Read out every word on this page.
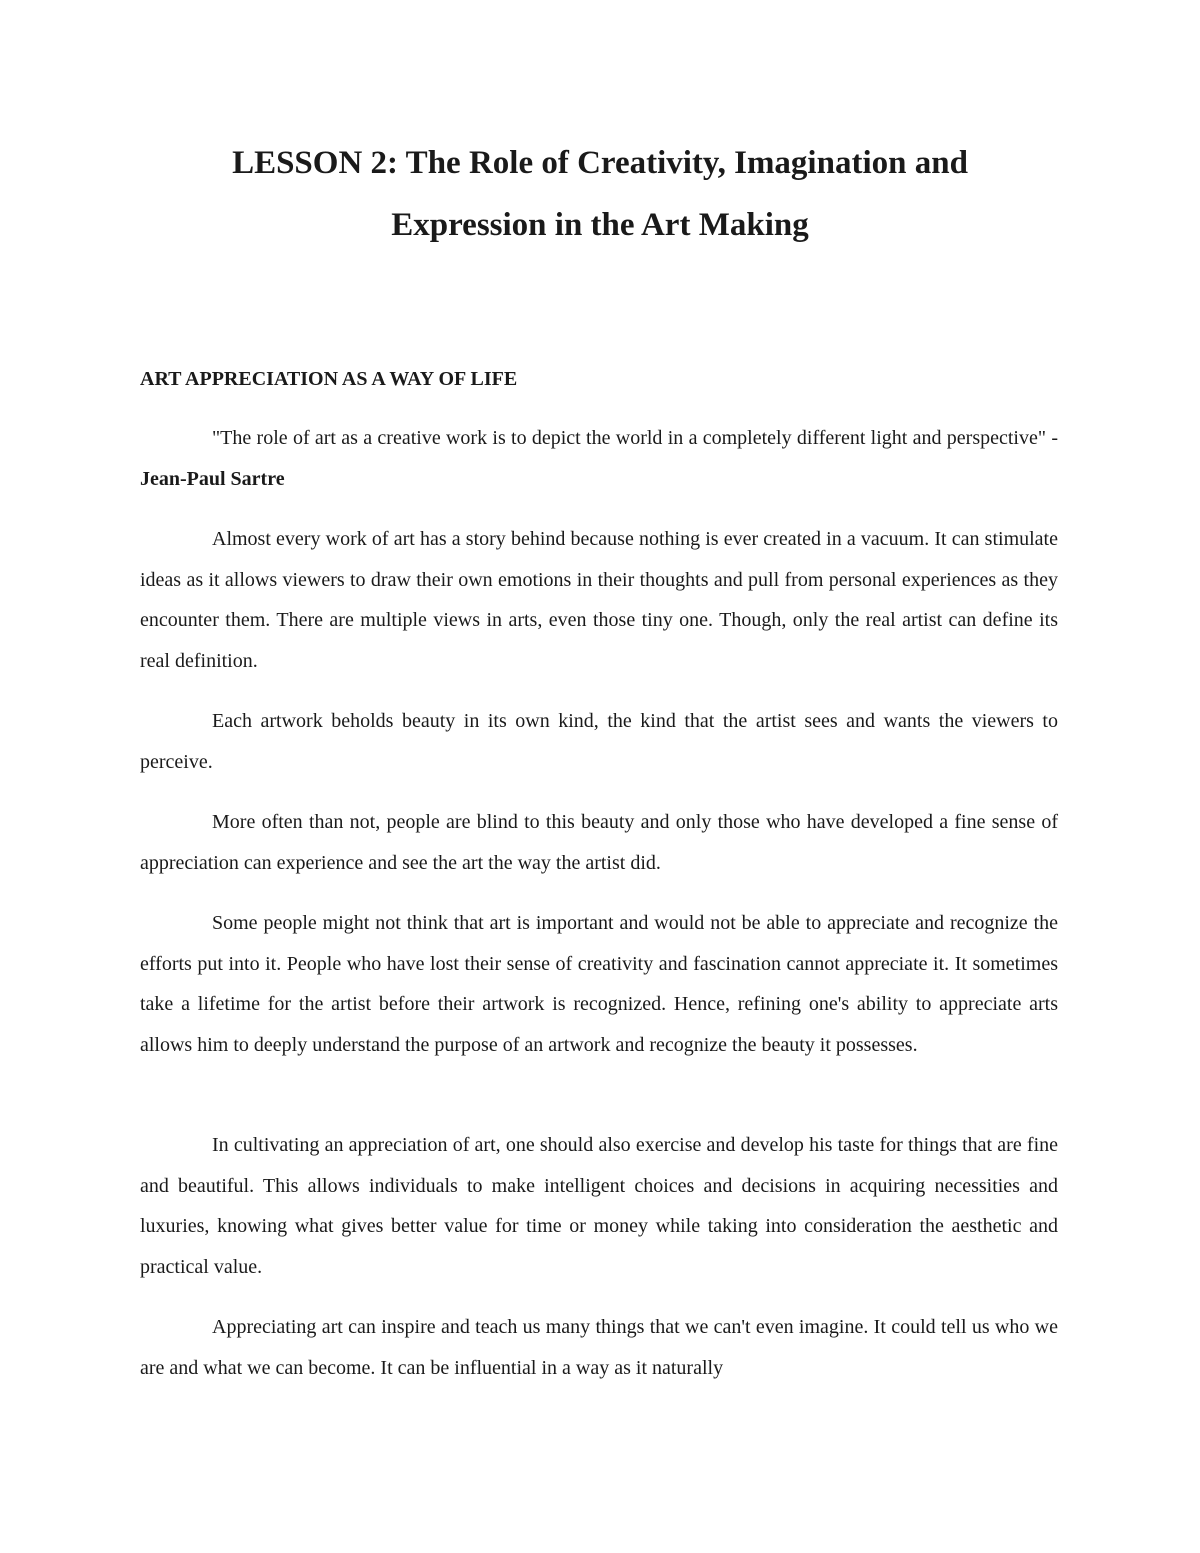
LESSON 2: The Role of Creativity, Imagination and
Expression in the Art Making
ART APPRECIATION AS A WAY OF LIFE

"The role of art as a creative work is to depict the world in a completely different light and perspective" - Jean-Paul Sartre

Almost every work of art has a story behind because nothing is ever created in a vacuum. It can stimulate ideas as it allows viewers to draw their own emotions in their thoughts and pull from personal experiences as they encounter them. There are multiple views in arts, even those tiny one. Though, only the real artist can define its real definition.

Each artwork beholds beauty in its own kind, the kind that the artist sees and wants the viewers to perceive.

More often than not, people are blind to this beauty and only those who have developed a fine sense of appreciation can experience and see the art the way the artist did.

Some people might not think that art is important and would not be able to appreciate and recognize the efforts put into it. People who have lost their sense of creativity and fascination cannot appreciate it. It sometimes take a lifetime for the artist before their artwork is recognized. Hence, refining one's ability to appreciate arts allows him to deeply understand the purpose of an artwork and recognize the beauty it possesses.

In cultivating an appreciation of art, one should also exercise and develop his taste for things that are fine and beautiful. This allows individuals to make intelligent choices and decisions in acquiring necessities and luxuries, knowing what gives better value for time or money while taking into consideration the aesthetic and practical value.

Appreciating art can inspire and teach us many things that we can't even imagine. It could tell us who we are and what we can become. It can be influential in a way as it naturally
